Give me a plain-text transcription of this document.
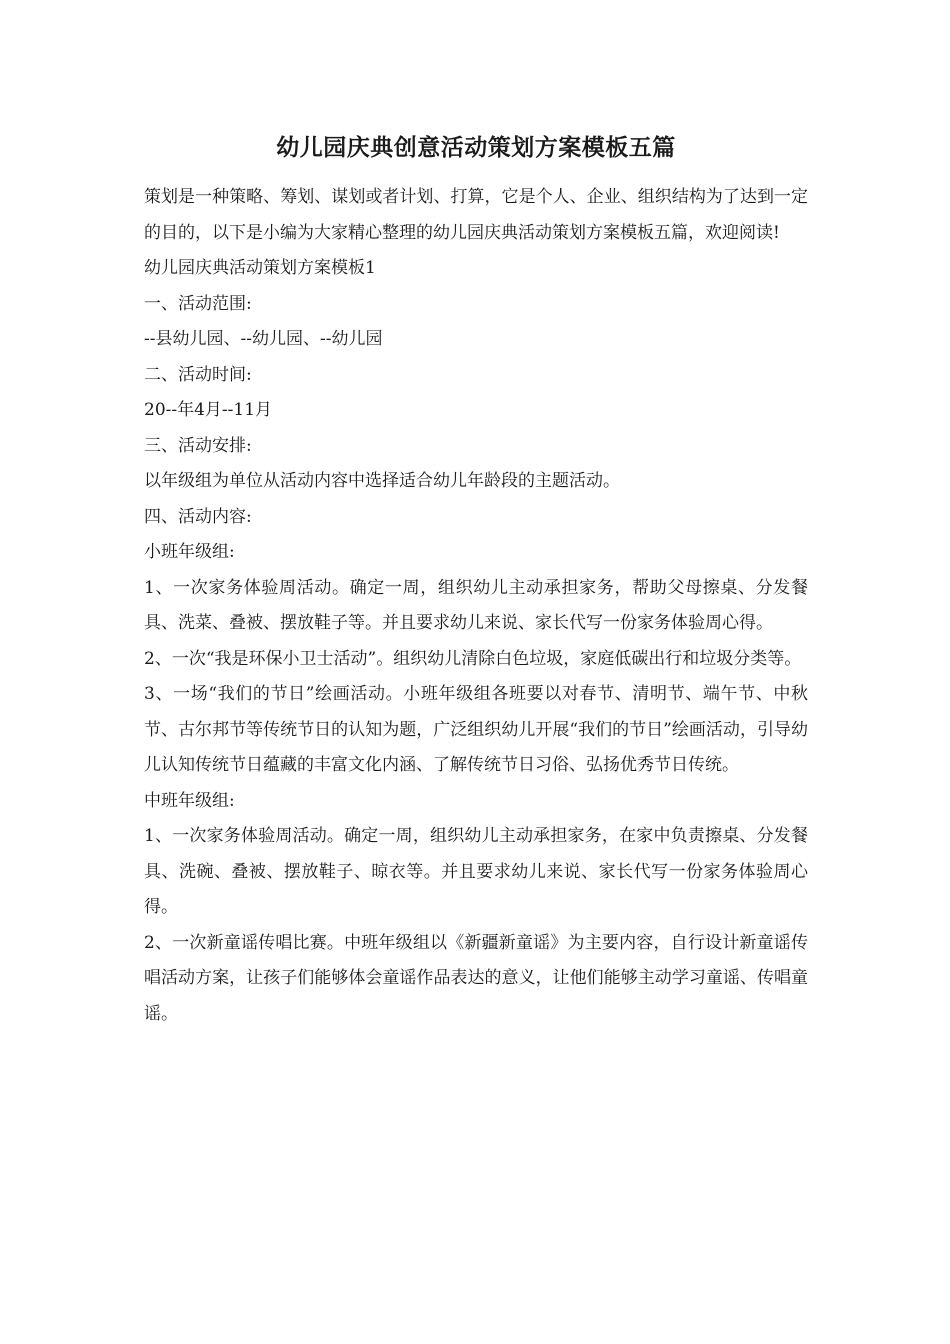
幼儿园庆典创意活动策划方案模板五篇

策划是一种策略、筹划、谋划或者计划、打算，它是个人、企业、组织结构为了达到一定的目的，以下是小编为大家精心整理的幼儿园庆典活动策划方案模板五篇，欢迎阅读!

幼儿园庆典活动策划方案模板1

一、活动范围:

--县幼儿园、--幼儿园、--幼儿园

二、活动时间:

20--年4月--11月

三、活动安排:

以年级组为单位从活动内容中选择适合幼儿年龄段的主题活动。

四、活动内容:

小班年级组:

1、一次家务体验周活动。确定一周，组织幼儿主动承担家务，帮助父母擦桌、分发餐具、洗菜、叠被、摆放鞋子等。并且要求幼儿来说、家长代写一份家务体验周心得。

2、一次“我是环保小卫士活动”。组织幼儿清除白色垃圾，家庭低碳出行和垃圾分类等。

3、一场“我们的节日”绘画活动。小班年级组各班要以对春节、清明节、端午节、中秋节、古尔邦节等传统节日的认知为题，广泛组织幼儿开展“我们的节日”绘画活动，引导幼儿认知传统节日蕴藏的丰富文化内涵、了解传统节日习俗、弘扬优秀节日传统。

中班年级组:

1、一次家务体验周活动。确定一周，组织幼儿主动承担家务，在家中负责擦桌、分发餐具、洗碗、叠被、摆放鞋子、晾衣等。并且要求幼儿来说、家长代写一份家务体验周心得。

2、一次新童谣传唱比赛。中班年级组以《新疆新童谣》为主要内容，自行设计新童谣传唱活动方案，让孩子们能够体会童谣作品表达的意义，让他们能够主动学习童谣、传唱童谣。
